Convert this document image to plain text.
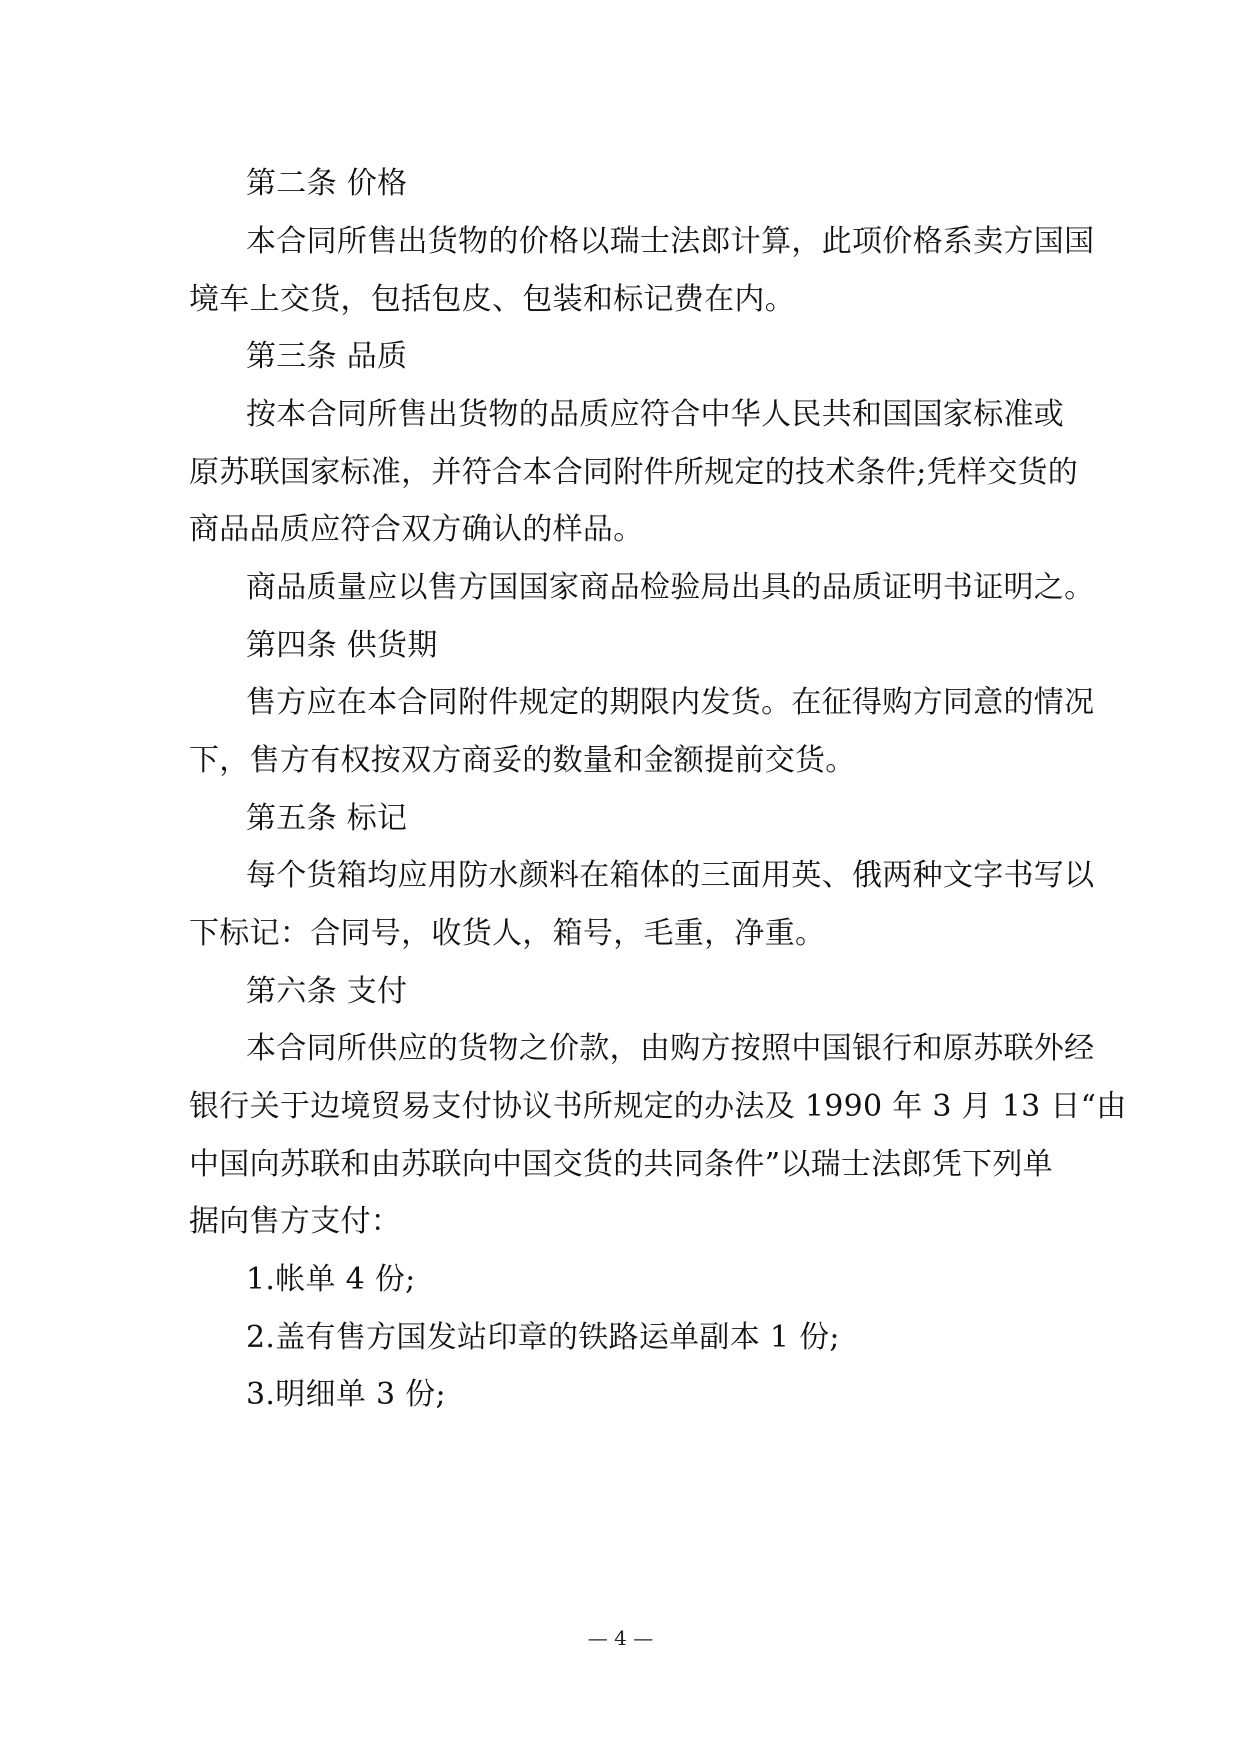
第二条 价格
本合同所售出货物的价格以瑞士法郎计算，此项价格系卖方国国
境车上交货，包括包皮、包装和标记费在内。
第三条 品质
按本合同所售出货物的品质应符合中华人民共和国国家标准或
原苏联国家标准，并符合本合同附件所规定的技术条件;凭样交货的
商品品质应符合双方确认的样品。
商品质量应以售方国国家商品检验局出具的品质证明书证明之。
第四条 供货期
售方应在本合同附件规定的期限内发货。在征得购方同意的情况
下，售方有权按双方商妥的数量和金额提前交货。
第五条 标记
每个货箱均应用防水颜料在箱体的三面用英、俄两种文字书写以
下标记：合同号，收货人，箱号，毛重，净重。
第六条 支付
本合同所供应的货物之价款，由购方按照中国银行和原苏联外经
银行关于边境贸易支付协议书所规定的办法及 1990 年 3 月 13 日“由
中国向苏联和由苏联向中国交货的共同条件”以瑞士法郎凭下列单
据向售方支付：
1.帐单 4 份;
2.盖有售方国发站印章的铁路运单副本 1 份;
3.明细单 3 份;
— 4 —
